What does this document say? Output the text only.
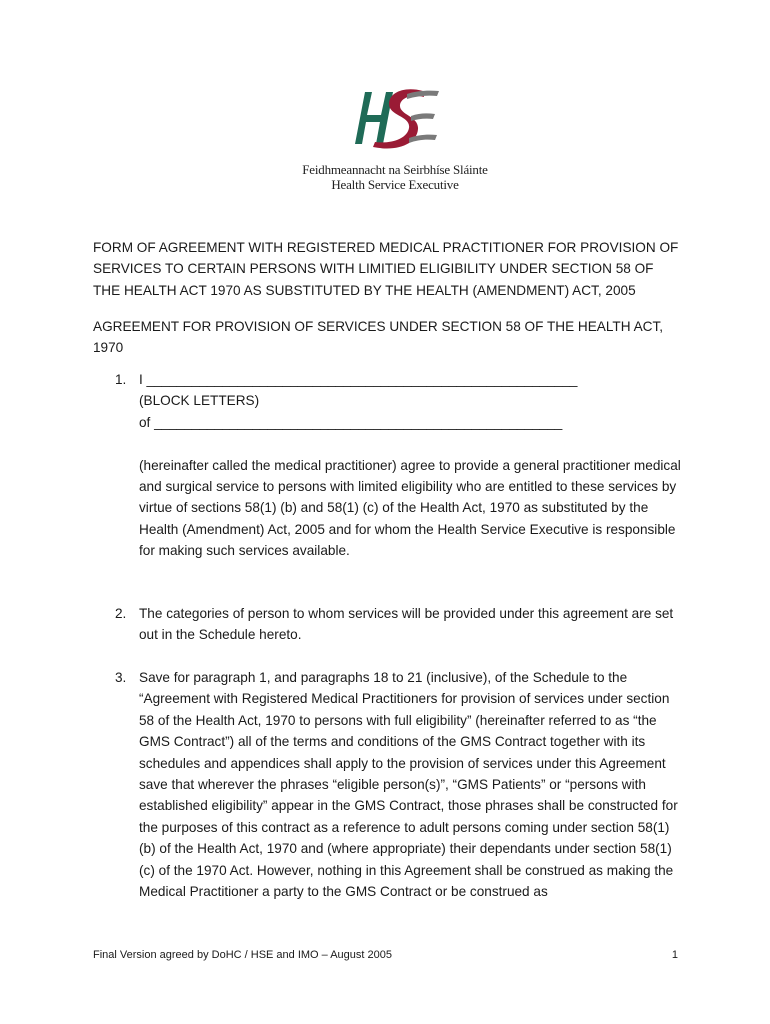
Feidhmeannacht na Seirbhíse Sláinte
Health Service Executive
FORM OF AGREEMENT WITH REGISTERED MEDICAL PRACTITIONER FOR PROVISION OF SERVICES TO CERTAIN PERSONS WITH LIMITIED ELIGIBILITY UNDER SECTION 58 OF THE HEALTH ACT 1970 AS SUBSTITUTED BY THE HEALTH (AMENDMENT) ACT, 2005
AGREEMENT FOR PROVISION OF SERVICES UNDER SECTION 58 OF THE HEALTH ACT, 1970
1. I _________________________________________________________
(BLOCK LETTERS)
of ______________________________________________________
(hereinafter called the medical practitioner) agree to provide a general practitioner medical and surgical service to persons with limited eligibility who are entitled to these services by virtue of sections 58(1) (b) and 58(1) (c) of the Health Act, 1970 as substituted by the Health (Amendment) Act, 2005 and for whom the Health Service Executive is responsible for making such services available.
2. The categories of person to whom services will be provided under this agreement are set out in the Schedule hereto.
3. Save for paragraph 1, and paragraphs 18 to 21 (inclusive), of the Schedule to the “Agreement with Registered Medical Practitioners for provision of services under section 58 of the Health Act, 1970 to persons with full eligibility” (hereinafter referred to as “the GMS Contract”) all of the terms and conditions of the GMS Contract together with its schedules and appendices shall apply to the provision of services under this Agreement save that wherever the phrases “eligible person(s)”, “GMS Patients” or “persons with established eligibility” appear in the GMS Contract, those phrases shall be constructed for the purposes of this contract as a reference to adult persons coming under section 58(1) (b) of the Health Act, 1970 and (where appropriate) their dependants under section 58(1) (c) of the 1970 Act. However, nothing in this Agreement shall be construed as making the Medical Practitioner a party to the GMS Contract or be construed as
Final Version agreed by DoHC / HSE and IMO – August 2005	1
